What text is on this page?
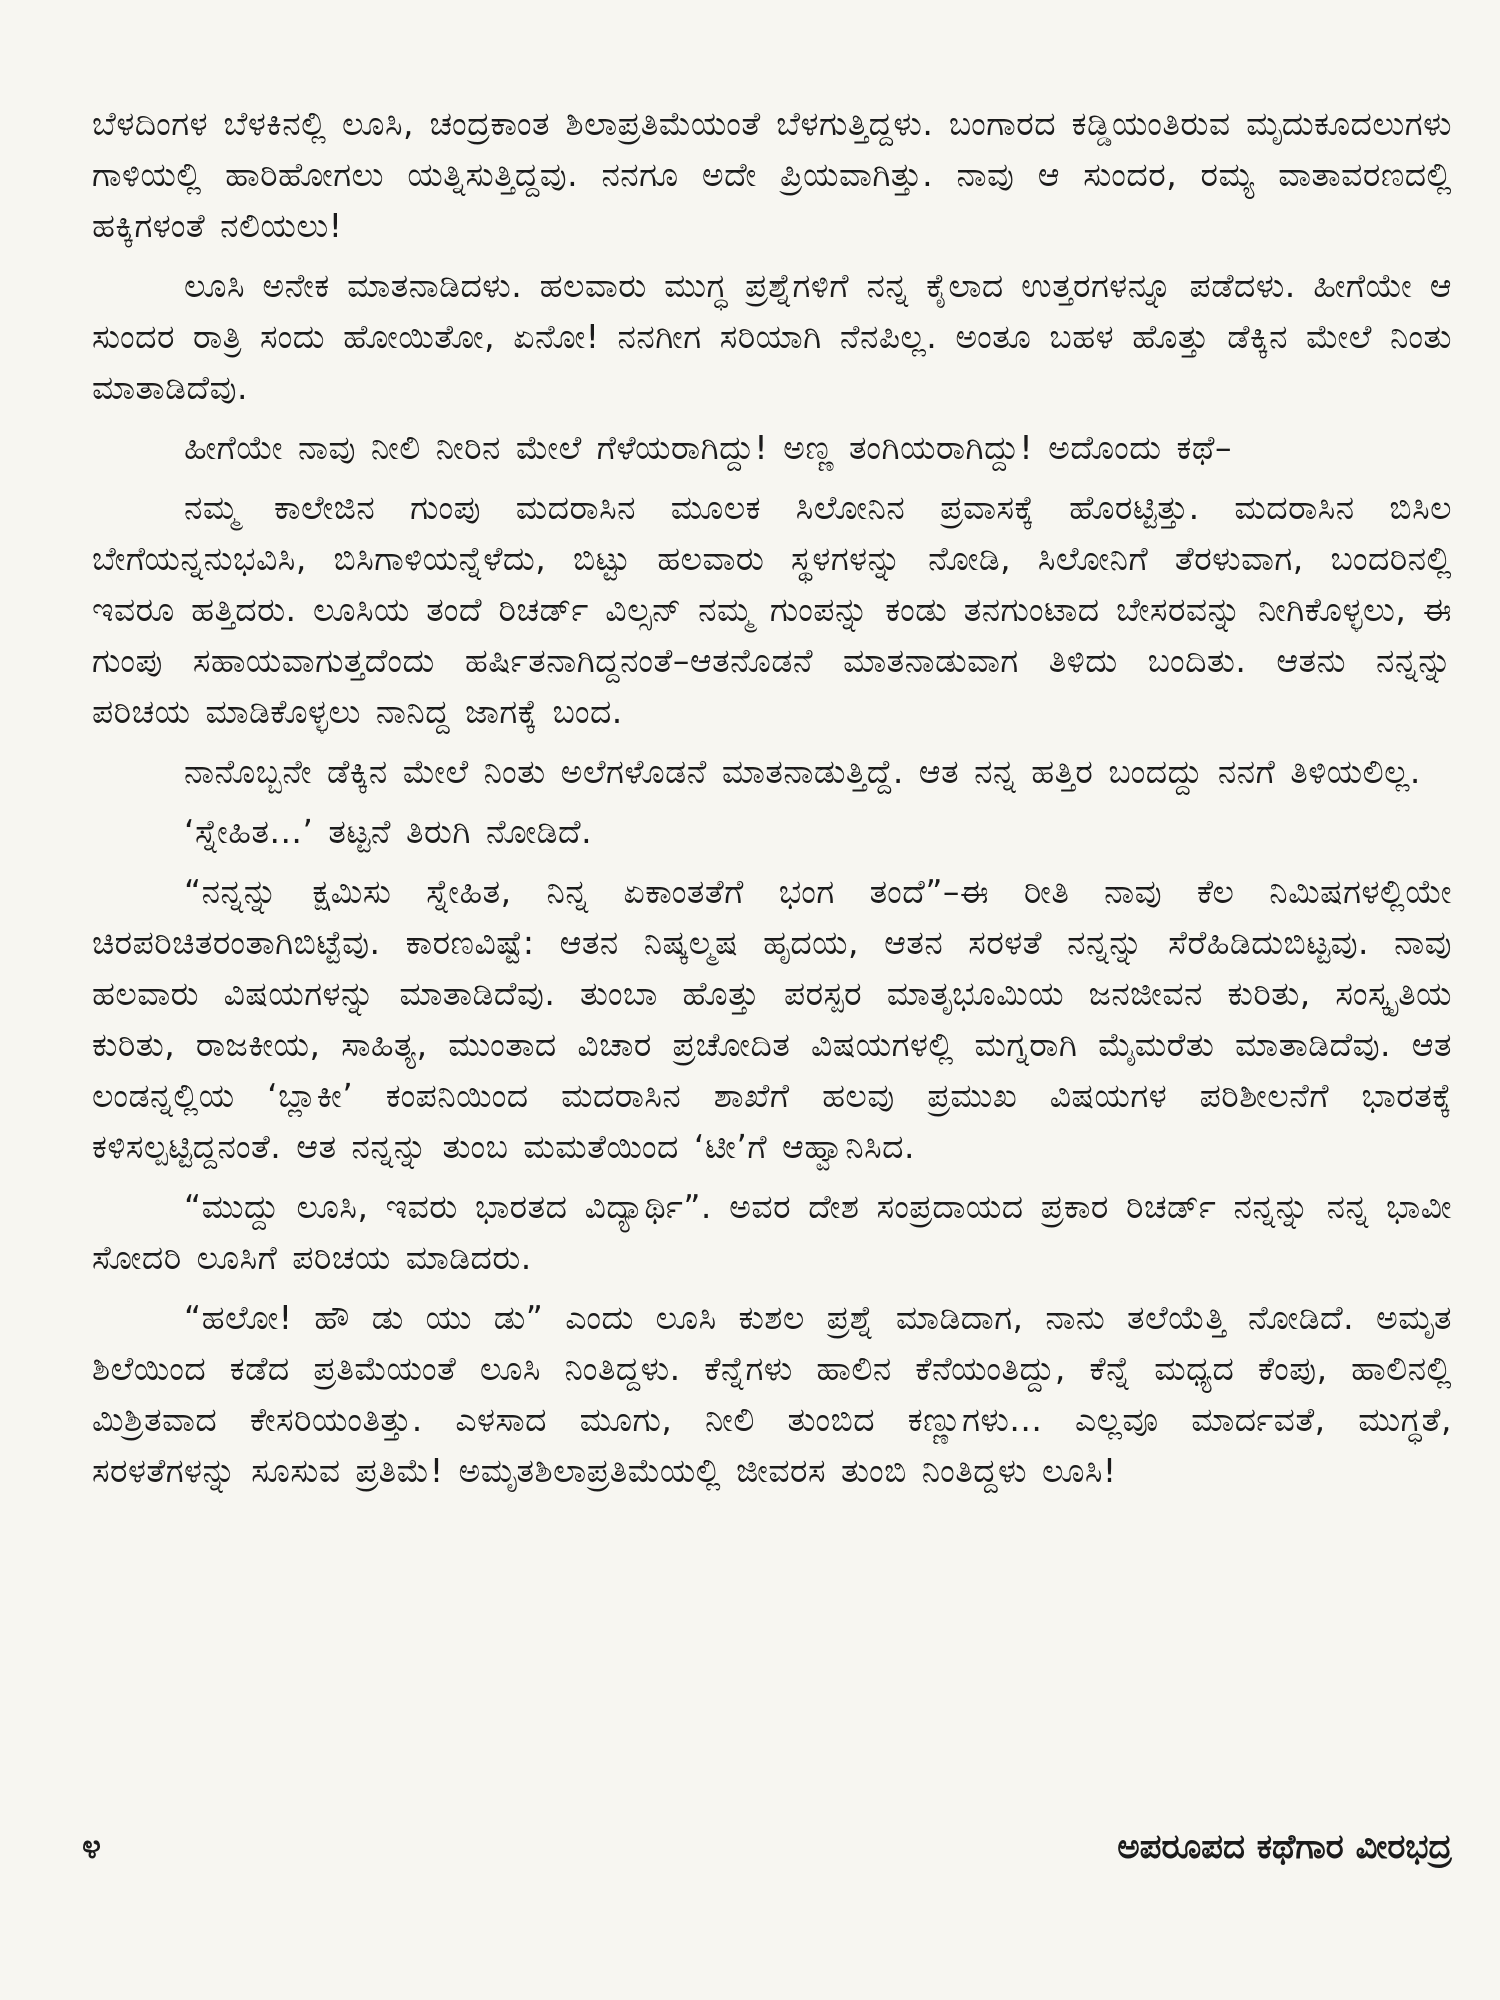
ಬೆಳದಿಂಗಳ ಬೆಳಕಿನಲ್ಲಿ ಲೂಸಿ, ಚಂದ್ರಕಾಂತ ಶಿಲಾಪ್ರತಿಮೆಯಂತೆ ಬೆಳಗುತ್ತಿದ್ದಳು. ಬಂಗಾರದ ಕಡ್ಡಿಯಂತಿರುವ ಮೃದುಕೂದಲುಗಳು ಗಾಳಿಯಲ್ಲಿ ಹಾರಿಹೋಗಲು ಯತ್ನಿಸುತ್ತಿದ್ದವು. ನನಗೂ ಅದೇ ಪ್ರಿಯವಾಗಿತ್ತು. ನಾವು ಆ ಸುಂದರ, ರಮ್ಯ ವಾತಾವರಣದಲ್ಲಿ ಹಕ್ಕಿಗಳಂತೆ ನಲಿಯಲು!

ಲೂಸಿ ಅನೇಕ ಮಾತನಾಡಿದಳು. ಹಲವಾರು ಮುಗ್ಧ ಪ್ರಶ್ನೆಗಳಿಗೆ ನನ್ನ ಕೈಲಾದ ಉತ್ತರಗಳನ್ನೂ ಪಡೆದಳು. ಹೀಗೆಯೇ ಆ ಸುಂದರ ರಾತ್ರಿ ಸಂದು ಹೋಯಿತೋ, ಏನೋ! ನನಗೀಗ ಸರಿಯಾಗಿ ನೆನಪಿಲ್ಲ. ಅಂತೂ ಬಹಳ ಹೊತ್ತು ಡೆಕ್ಕಿನ ಮೇಲೆ ನಿಂತು ಮಾತಾಡಿದೆವು.

ಹೀಗೆಯೇ ನಾವು ನೀಲಿ ನೀರಿನ ಮೇಲೆ ಗೆಳೆಯರಾಗಿದ್ದು! ಅಣ್ಣ ತಂಗಿಯರಾಗಿದ್ದು! ಅದೊಂದು ಕಥೆ–

ನಮ್ಮ ಕಾಲೇಜಿನ ಗುಂಪು ಮದರಾಸಿನ ಮೂಲಕ ಸಿಲೋನಿನ ಪ್ರವಾಸಕ್ಕೆ ಹೊರಟ್ಟಿತ್ತು. ಮದರಾಸಿನ ಬಿಸಿಲ ಬೇಗೆಯನ್ನನುಭವಿಸಿ, ಬಿಸಿಗಾಳಿಯನ್ನೆಳೆದು, ಬಿಟ್ಟು ಹಲವಾರು ಸ್ಥಳಗಳನ್ನು ನೋಡಿ, ಸಿಲೋನಿಗೆ ತೆರಳುವಾಗ, ಬಂದರಿನಲ್ಲಿ ಇವರೂ ಹತ್ತಿದರು. ಲೂಸಿಯ ತಂದೆ ರಿಚರ್ಡ್ ವಿಲ್ಸನ್ ನಮ್ಮ ಗುಂಪನ್ನು ಕಂಡು ತನಗುಂಟಾದ ಬೇಸರವನ್ನು ನೀಗಿಕೊಳ್ಳಲು, ಈ ಗುಂಪು ಸಹಾಯವಾಗುತ್ತದೆಂದು ಹರ್ಷಿತನಾಗಿದ್ದನಂತೆ–ಆತನೊಡನೆ ಮಾತನಾಡುವಾಗ ತಿಳಿದು ಬಂದಿತು. ಆತನು ನನ್ನನ್ನು ಪರಿಚಯ ಮಾಡಿಕೊಳ್ಳಲು ನಾನಿದ್ದ ಜಾಗಕ್ಕೆ ಬಂದ.

ನಾನೊಬ್ಬನೇ ಡೆಕ್ಕಿನ ಮೇಲೆ ನಿಂತು ಅಲೆಗಳೊಡನೆ ಮಾತನಾಡುತ್ತಿದ್ದೆ. ಆತ ನನ್ನ ಹತ್ತಿರ ಬಂದದ್ದು ನನಗೆ ತಿಳಿಯಲಿಲ್ಲ.

‘ಸ್ನೇಹಿತ...’ ತಟ್ಟನೆ ತಿರುಗಿ ನೋಡಿದೆ.

“ನನ್ನನ್ನು ಕ್ಷಮಿಸು ಸ್ನೇಹಿತ, ನಿನ್ನ ಏಕಾಂತತೆಗೆ ಭಂಗ ತಂದೆ”–ಈ ರೀತಿ ನಾವು ಕೆಲ ನಿಮಿಷಗಳಲ್ಲಿಯೇ ಚಿರಪರಿಚಿತರಂತಾಗಿಬಿಟ್ಟೆವು. ಕಾರಣವಿಷ್ಟೆ: ಆತನ ನಿಷ್ಕಲ್ಮಷ ಹೃದಯ, ಆತನ ಸರಳತೆ ನನ್ನನ್ನು ಸೆರೆಹಿಡಿದುಬಿಟ್ಟವು. ನಾವು ಹಲವಾರು ವಿಷಯಗಳನ್ನು ಮಾತಾಡಿದೆವು. ತುಂಬಾ ಹೊತ್ತು ಪರಸ್ಪರ ಮಾತೃಭೂಮಿಯ ಜನಜೀವನ ಕುರಿತು, ಸಂಸ್ಕೃತಿಯ ಕುರಿತು, ರಾಜಕೀಯ, ಸಾಹಿತ್ಯ, ಮುಂತಾದ ವಿಚಾರ ಪ್ರಚೋದಿತ ವಿಷಯಗಳಲ್ಲಿ ಮಗ್ನರಾಗಿ ಮೈಮರೆತು ಮಾತಾಡಿದೆವು. ಆತ ಲಂಡನ್ನಲ್ಲಿಯ ‘ಬ್ಲಾಕೀ’ ಕಂಪನಿಯಿಂದ ಮದರಾಸಿನ ಶಾಖೆಗೆ ಹಲವು ಪ್ರಮುಖ ವಿಷಯಗಳ ಪರಿಶೀಲನೆಗೆ ಭಾರತಕ್ಕೆ ಕಳಿಸಲ್ಪಟ್ಟಿದ್ದನಂತೆ. ಆತ ನನ್ನನ್ನು ತುಂಬ ಮಮತೆಯಿಂದ ‘ಟೀ’ಗೆ ಆಹ್ವಾನಿಸಿದ.

“ಮುದ್ದು ಲೂಸಿ, ಇವರು ಭಾರತದ ವಿದ್ಯಾರ್ಥಿ”. ಅವರ ದೇಶ ಸಂಪ್ರದಾಯದ ಪ್ರಕಾರ ರಿಚರ್ಡ್ ನನ್ನನ್ನು ನನ್ನ ಭಾವೀ ಸೋದರಿ ಲೂಸಿಗೆ ಪರಿಚಯ ಮಾಡಿದರು.

“ಹಲೋ! ಹೌ ಡು ಯು ಡು” ಎಂದು ಲೂಸಿ ಕುಶಲ ಪ್ರಶ್ನೆ ಮಾಡಿದಾಗ, ನಾನು ತಲೆಯೆತ್ತಿ ನೋಡಿದೆ. ಅಮೃತ ಶಿಲೆಯಿಂದ ಕಡೆದ ಪ್ರತಿಮೆಯಂತೆ ಲೂಸಿ ನಿಂತಿದ್ದಳು. ಕೆನ್ನೆಗಳು ಹಾಲಿನ ಕೆನೆಯಂತಿದ್ದು, ಕೆನ್ನೆ ಮಧ್ಯದ ಕೆಂಪು, ಹಾಲಿನಲ್ಲಿ ಮಿಶ್ರಿತವಾದ ಕೇಸರಿಯಂತಿತ್ತು. ಎಳಸಾದ ಮೂಗು, ನೀಲಿ ತುಂಬಿದ ಕಣ್ಣುಗಳು... ಎಲ್ಲವೂ ಮಾರ್ದವತೆ, ಮುಗ್ಧತೆ, ಸರಳತೆಗಳನ್ನು ಸೂಸುವ ಪ್ರತಿಮೆ! ಅಮೃತಶಿಲಾಪ್ರತಿಮೆಯಲ್ಲಿ ಜೀವರಸ ತುಂಬಿ ನಿಂತಿದ್ದಳು ಲೂಸಿ!

೪	ಅಪರೂಪದ ಕಥೆಗಾರ ವೀರಭದ್ರ
